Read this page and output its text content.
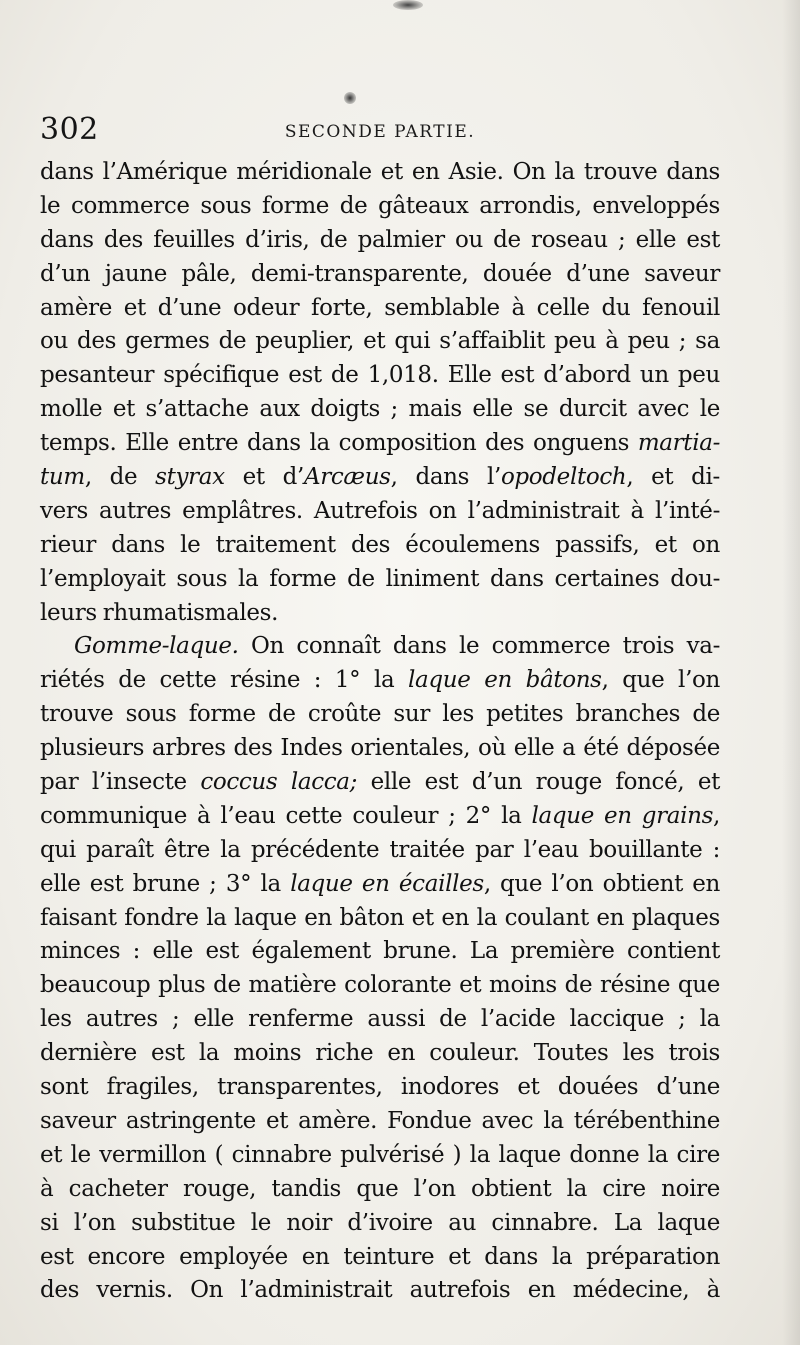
302	SECONDE PARTIE.
dans l’Amérique méridionale et en Asie. On la trouve dans
le commerce sous forme de gâteaux arrondis, enveloppés
dans des feuilles d’iris, de palmier ou de roseau ; elle est
d’un jaune pâle, demi-transparente, douée d’une saveur
amère et d’une odeur forte, semblable à celle du fenouil
ou des germes de peuplier, et qui s’affaiblit peu à peu ; sa
pesanteur spécifique est de 1,018. Elle est d’abord un peu
molle et s’attache aux doigts ; mais elle se durcit avec le
temps. Elle entre dans la composition des onguens martia-
tum, de styrax et d’Arcæus, dans l’opodeltoch, et di-
vers autres emplâtres. Autrefois on l’administrait à l’inté-
rieur dans le traitement des écoulemens passifs, et on
l’employait sous la forme de liniment dans certaines dou-
leurs rhumatismales.
Gomme-laque. On connaît dans le commerce trois va-
riétés de cette résine : 1° la laque en bâtons, que l’on
trouve sous forme de croûte sur les petites branches de
plusieurs arbres des Indes orientales, où elle a été déposée
par l’insecte coccus lacca; elle est d’un rouge foncé, et
communique à l’eau cette couleur ; 2° la laque en grains,
qui paraît être la précédente traitée par l’eau bouillante :
elle est brune ; 3° la laque en écailles, que l’on obtient en
faisant fondre la laque en bâton et en la coulant en plaques
minces : elle est également brune. La première contient
beaucoup plus de matière colorante et moins de résine que
les autres ; elle renferme aussi de l’acide laccique ; la
dernière est la moins riche en couleur. Toutes les trois
sont fragiles, transparentes, inodores et douées d’une
saveur astringente et amère. Fondue avec la térébenthine
et le vermillon ( cinnabre pulvérisé ) la laque donne la cire
à cacheter rouge, tandis que l’on obtient la cire noire
si l’on substitue le noir d’ivoire au cinnabre. La laque
est encore employée en teinture et dans la préparation
des vernis. On l’administrait autrefois en médecine, à
